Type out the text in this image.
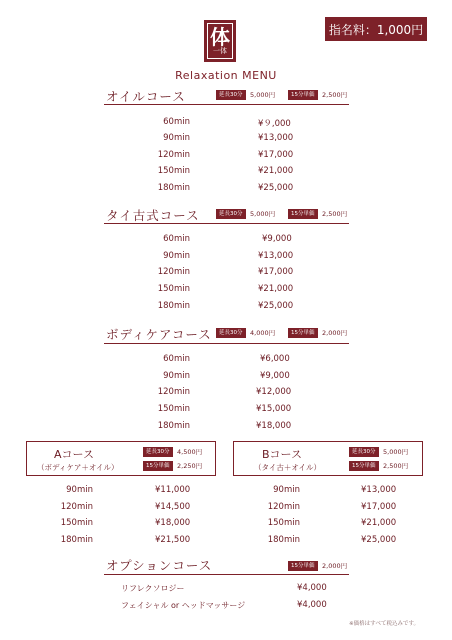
体
一体
指名料：1,000円
Relaxation MENU
オイルコース	延長30分	5,000円	15分単価	2,500円
60min	¥９,000
90min	¥13,000
120min	¥17,000
150min	¥21,000
180min	¥25,000
タイ古式コース	延長30分	5,000円	15分単価	2,500円
60min	¥9,000
90min	¥13,000
120min	¥17,000
150min	¥21,000
180min	¥25,000
ボディケアコース	延長30分	4,000円	15分単価	2,000円
60min	¥6,000
90min	¥9,000
120min	¥12,000
150min	¥15,000
180min	¥18,000
Aコース
（ボディケア＋オイル）
延長30分	4,500円
15分単価	2,250円
90min	¥11,000
120min	¥14,500
150min	¥18,000
180min	¥21,500
Bコース
（タイ古＋オイル）
延長30分	5,000円
15分単価	2,500円
90min	¥13,000
120min	¥17,000
150min	¥21,000
180min	¥25,000
オプションコース	15分単価	2,000円
リフレクソロジー	¥4,000
フェイシャル or ヘッドマッサージ	¥4,000
※価格はすべて税込みです。
